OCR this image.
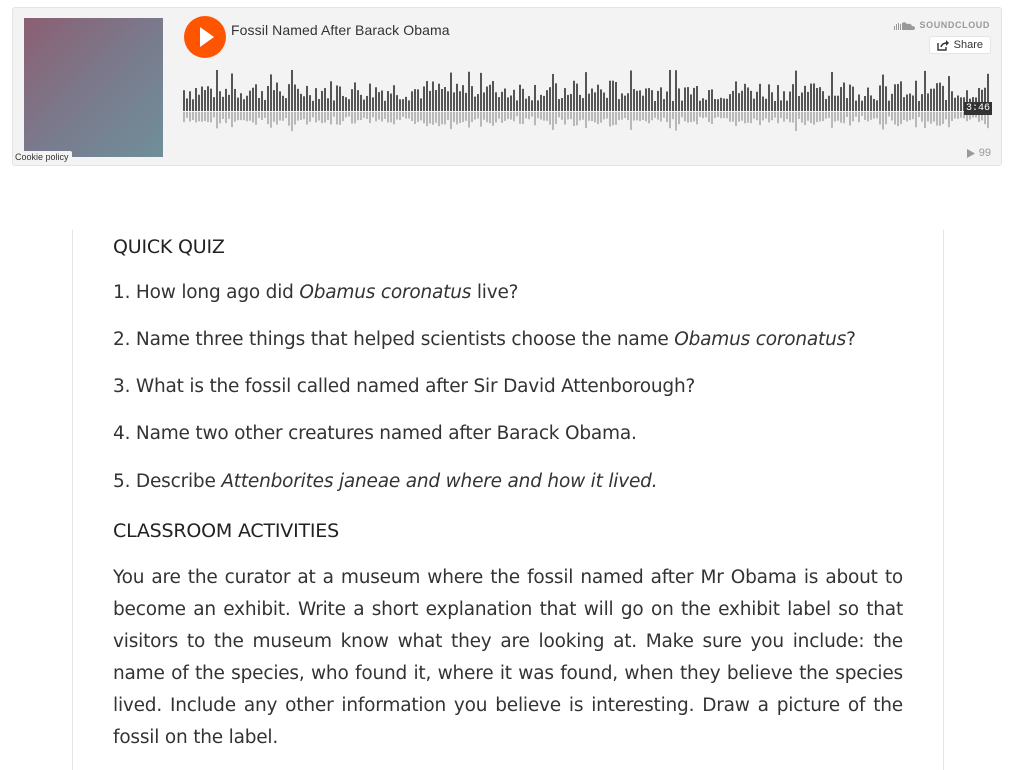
Cookie policy
Fossil Named After Barack Obama	SOUNDCLOUD
Share
3:46
99
QUICK QUIZ

1. How long ago did Obamus coronatus live?

2. Name three things that helped scientists choose the name Obamus coronatus?

3. What is the fossil called named after Sir David Attenborough?

4. Name two other creatures named after Barack Obama.

5. Describe Attenborites janeae and where and how it lived.

CLASSROOM ACTIVITIES

You are the curator at a museum where the fossil named after Mr Obama is about to become an exhibit. Write a short explanation that will go on the exhibit label so that visitors to the museum know what they are looking at. Make sure you include: the name of the species, who found it, where it was found, when they believe the species lived. Include any other information you believe is interesting. Draw a picture of the fossil on the label.
